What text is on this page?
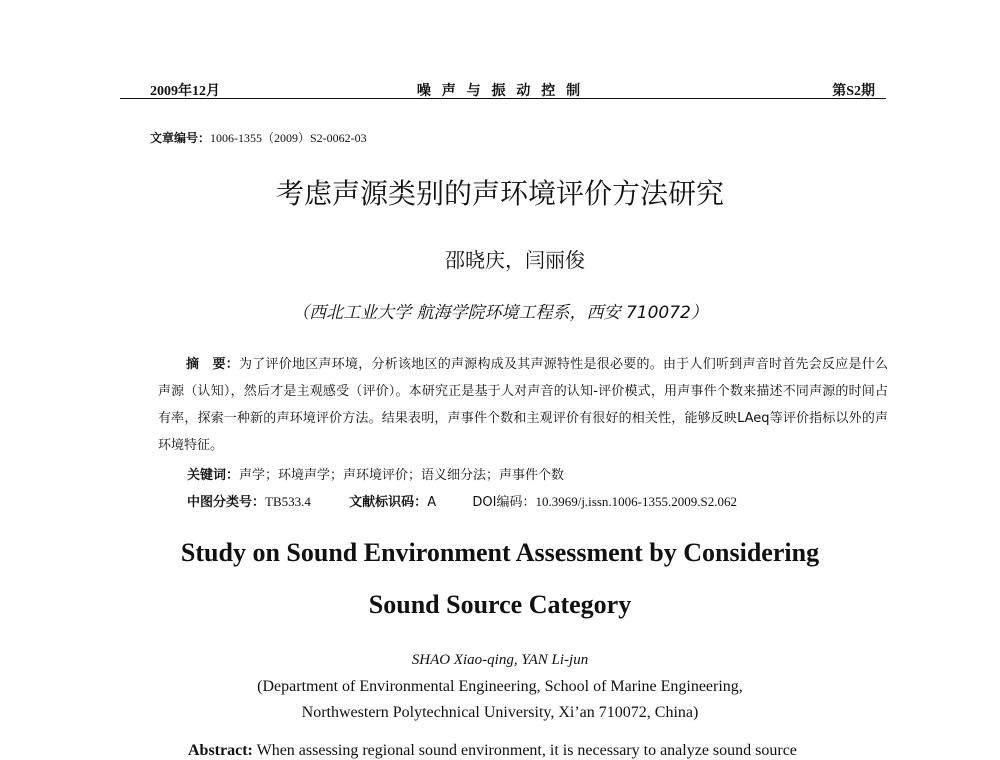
2009年12月	噪 声 与 振 动 控 制	第S2期
文章编号：1006-1355（2009）S2-0062-03
考虑声源类别的声环境评价方法研究
邵晓庆，闫丽俊
（西北工业大学 航海学院环境工程系，西安 710072）
摘　要：为了评价地区声环境，分析该地区的声源构成及其声源特性是很必要的。由于人们听到声音时首先会反应是什么声源（认知），然后才是主观感受（评价）。本研究正是基于人对声音的认知-评价模式，用声事件个数来描述不同声源的时间占有率，探索一种新的声环境评价方法。结果表明，声事件个数和主观评价有很好的相关性，能够反映LAeq等评价指标以外的声环境特征。
关键词：声学；环境声学；声环境评价；语义细分法；声事件个数
中图分类号：TB533.4	文献标识码：A	DOI编码：10.3969/j.issn.1006-1355.2009.S2.062
Study on Sound Environment Assessment by Considering
Sound Source Category
SHAO Xiao-qing, YAN Li-jun
(Department of Environmental Engineering, School of Marine Engineering,
Northwestern Polytechnical University, Xi’an 710072, China)
Abstract: When assessing regional sound environment, it is necessary to analyze sound source
